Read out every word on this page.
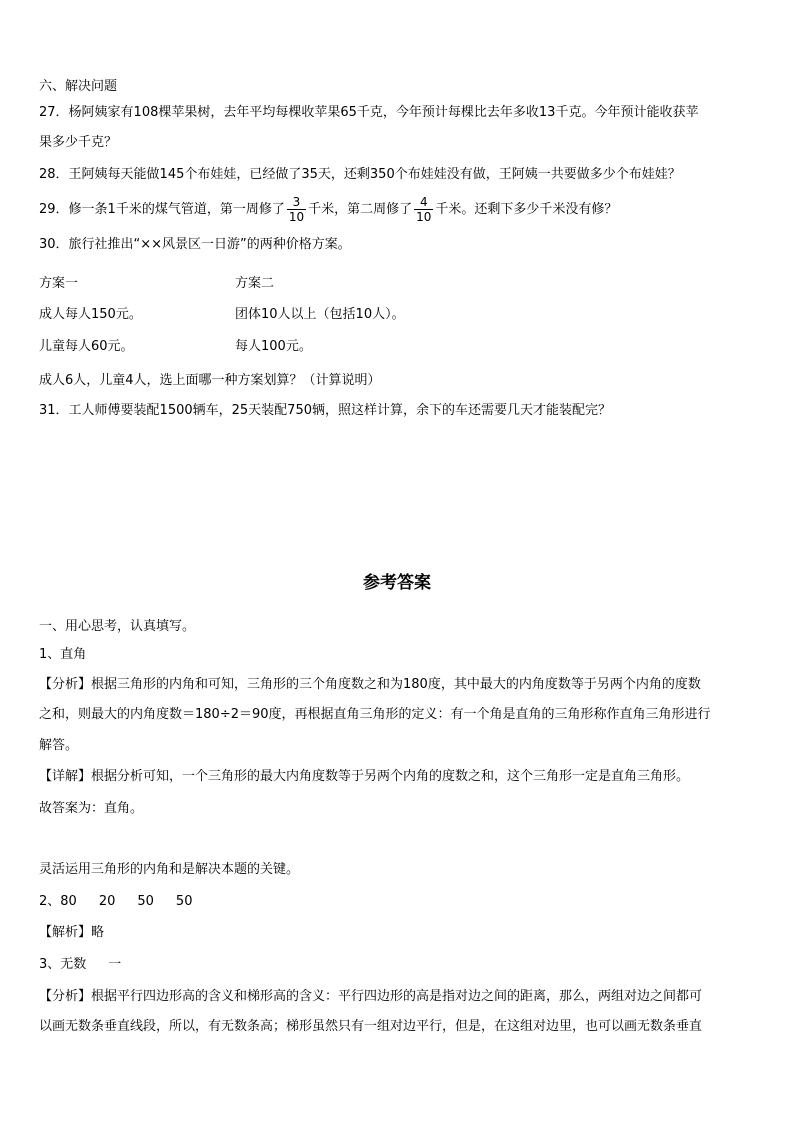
六、解决问题
27．杨阿姨家有108棵苹果树，去年平均每棵收苹果65千克，今年预计每棵比去年多收13千克。今年预计能收获苹
果多少千克？
28．王阿姨每天能做145个布娃娃，已经做了35天，还剩350个布娃娃没有做，王阿姨一共要做多少个布娃娃？
29．修一条1千米的煤气管道，第一周修了 $\frac{3}{10}$ 千米，第二周修了 $\frac{4}{10}$ 千米。还剩下多少千米没有修？
30．旅行社推出“××风景区一日游”的两种价格方案。
方案一	方案二
成人每人150元。	团体10人以上（包括10人）。
儿童每人60元。	每人100元。
成人6人，儿童4人，选上面哪一种方案划算？（计算说明）
31．工人师傅要装配1500辆车，25天装配750辆，照这样计算，余下的车还需要几天才能装配完？
参考答案
一、用心思考，认真填写。
1、直角
【分析】根据三角形的内角和可知，三角形的三个角度数之和为180度，其中最大的内角度数等于另两个内角的度数
之和，则最大的内角度数＝180÷2＝90度，再根据直角三角形的定义：有一个角是直角的三角形称作直角三角形进行
解答。
【详解】根据分析可知，一个三角形的最大内角度数等于另两个内角的度数之和，这个三角形一定是直角三角形。
故答案为：直角。
灵活运用三角形的内角和是解决本题的关键。
2、80 20 50 50
【解析】略
3、无数 一
【分析】根据平行四边形高的含义和梯形高的含义：平行四边形的高是指对边之间的距离，那么，两组对边之间都可
以画无数条垂直线段，所以，有无数条高；梯形虽然只有一组对边平行，但是，在这组对边里，也可以画无数条垂直
